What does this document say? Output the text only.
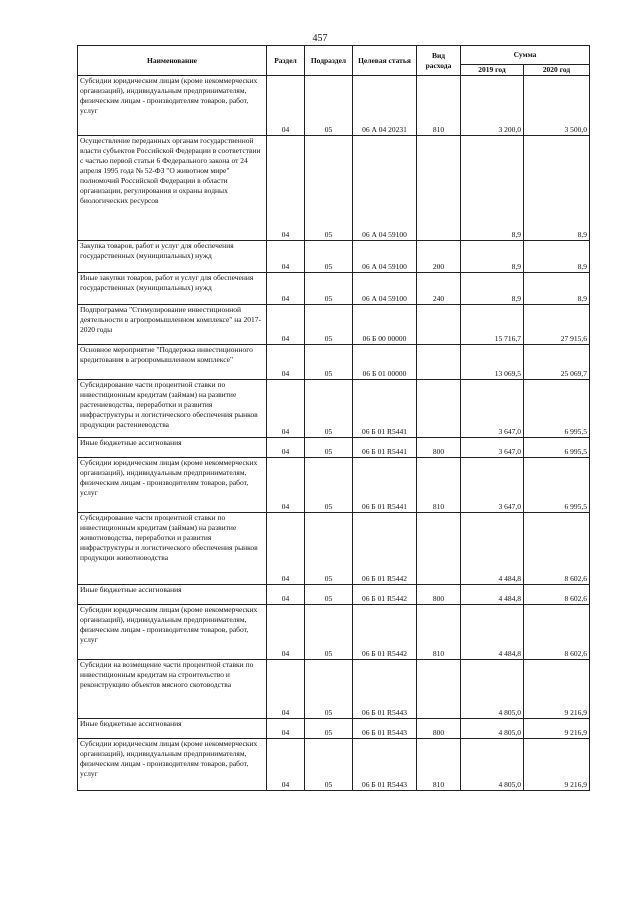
457
Наименование	Раздел	Подраздел	Целевая статья	Вид расхода	Сумма	
					2019 год	2020 год

Субсидии юридическим лицам (кроме некоммерческих организаций), индивидуальным предпринимателям, физическим лицам - производителям товаров, работ, услуг	04	05	06 А 04 20231	810	3 200,0	3 500,0

Осуществление переданных органам государственной власти субъектов Российской Федерации в соответствии с частью первой статьи 6 Федерального закона от 24 апреля 1995 года № 52-ФЗ "О животном мире" полномочий Российской Федерации в области организации, регулирования и охраны водных биологических ресурсов	04	05	06 А 04 59100		8,9	8,9

Закупка товаров, работ и услуг для обеспечения государственных (муниципальных) нужд	04	05	06 А 04 59100	200	8,9	8,9

Иные закупки товаров, работ и услуг для обеспечения государственных (муниципальных) нужд	04	05	06 А 04 59100	240	8,9	8,9

Подпрограмма "Стимулирование инвестиционной деятельности в агропромышленном комплексе" на 2017-2020 годы	04	05	06 Б 00 00000		15 716,7	27 915,6

Основное мероприятие "Поддержка инвестиционного кредитования в агропромышленном комплексе"	04	05	06 Б 01 00000		13 069,5	25 069,7

Субсидирование части процентной ставки по инвестиционным кредитам (займам) на развитие растениеводства, переработки и развития инфраструктуры и логистического обеспечения рынков продукции растениеводства	04	05	06 Б 01 R5441		3 647,0	6 995,5

Иные бюджетные ассигнования	04	05	06 Б 01 R5441	800	3 647,0	6 995,5

Субсидии юридическим лицам (кроме некоммерческих организаций), индивидуальным предпринимателям, физическим лицам - производителям товаров, работ, услуг	04	05	06 Б 01 R5441	810	3 647,0	6 995,5

Субсидирование части процентной ставки по инвестиционным кредитам (займам) на развитие животноводства, переработки и развития инфраструктуры и логистического обеспечения рынков продукции животноводства	04	05	06 Б 01 R5442		4 484,8	8 602,6

Иные бюджетные ассигнования	04	05	06 Б 01 R5442	800	4 484,8	8 602,6

Субсидии юридическим лицам (кроме некоммерческих организаций), индивидуальным предпринимателям, физическим лицам - производителям товаров, работ, услуг	04	05	06 Б 01 R5442	810	4 484,8	8 602,6

Субсидии на возмещение части процентной ставки по инвестиционным кредитам на строительство и реконструкцию объектов мясного скотоводства	04	05	06 Б 01 R5443		4 805,0	9 216,9

Иные бюджетные ассигнования	04	05	06 Б 01 R5443	800	4 805,0	9 216,9

Субсидии юридическим лицам (кроме некоммерческих организаций), индивидуальным предпринимателям, физическим лицам - производителям товаров, работ, услуг	04	05	06 Б 01 R5443	810	4 805,0	9 216,9
